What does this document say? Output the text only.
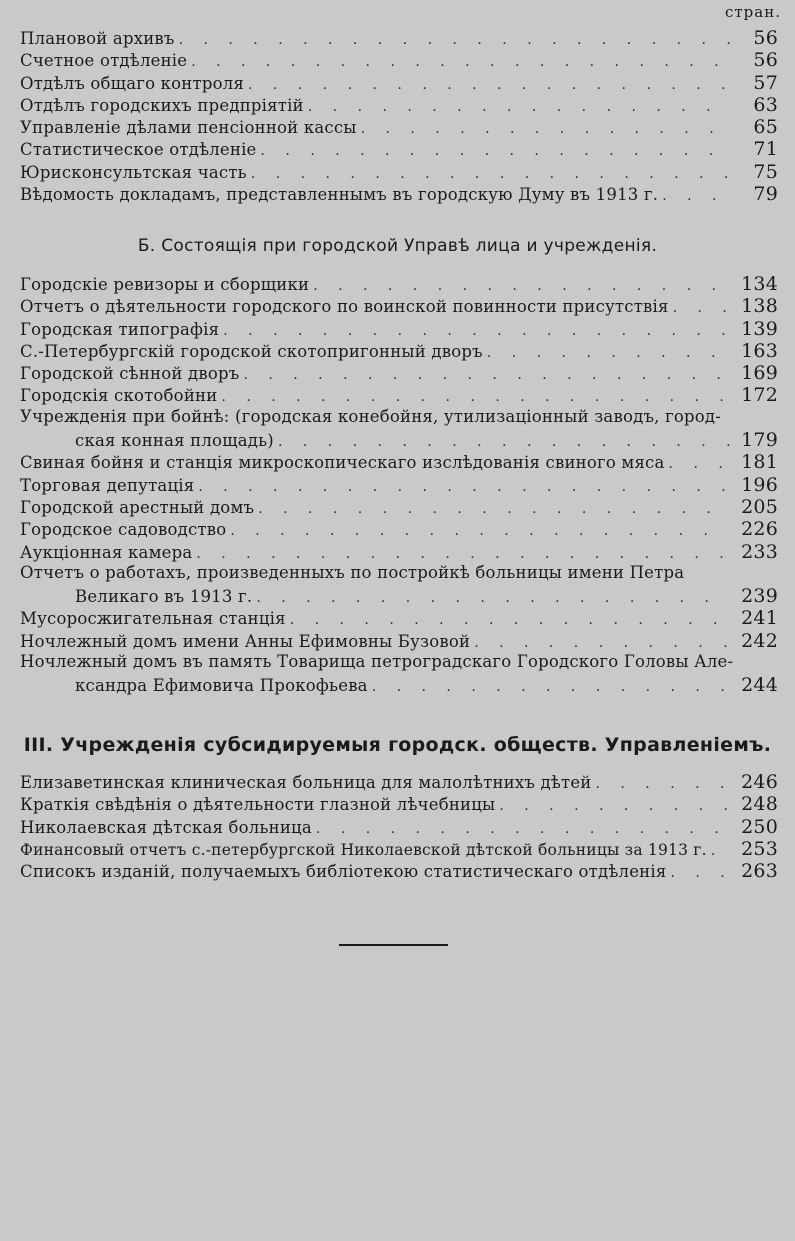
стран.
Плановой архивъ . . .	56
Счетное отдѣленіе . . .	56
Отдѣлъ общаго контроля . . .	57
Отдѣлъ городскихъ предпріятій . . .	63
Управленіе дѣлами пенсіонной кассы . . .	65
Статистическое отдѣленіе . . .	71
Юрисконсультская часть . . .	75
Вѣдомость докладамъ, представленнымъ въ городскую Думу въ 1913 г. . . .	79
Б. Состоящія при городской Управѣ лица и учрежденія.
Городскіе ревизоры и сборщики . . .	134
Отчетъ о дѣятельности городского по воинской повинности присутствія . . .	138
Городская типографія . . .	139
С.-Петербургскій городской скотопригонный дворъ . . .	163
Городской сѣнной дворъ . . .	169
Городскія скотобойни . . .	172
Учрежденія при бойнѣ: (городская конебойня, утилизаціонный заводъ, город-
ская конная площадь) . . .	179
Свиная бойня и станція микроскопическаго изслѣдованія свиного мяса . . .	181
Торговая депутація . . .	196
Городской арестный домъ . . .	205
Городское садоводство . . .	226
Аукціонная камера . . .	233
Отчетъ о работахъ, произведенныхъ по постройкѣ больницы имени Петра
Великаго въ 1913 г. . . .	239
Мусоросжигательная станція . . .	241
Ночлежный домъ имени Анны Ефимовны Бузовой . . .	242
Ночлежный домъ въ память Товарища петроградскаго Городского Головы Але-
ксандра Ефимовича Прокофьева . . .	244
III. Учрежденія субсидируемыя городск. обществ. Управленіемъ.
Елизаветинская клиническая больница для малолѣтнихъ дѣтей . . .	246
Краткія свѣдѣнія о дѣятельности глазной лѣчебницы . . .	248
Николаевская дѣтская больница . . .	250
Финансовый отчетъ с.-петербургской Николаевской дѣтской больницы за 1913 г. . . .	253
Списокъ изданій, получаемыхъ библіотекою статистическаго отдѣленія . . .	263
